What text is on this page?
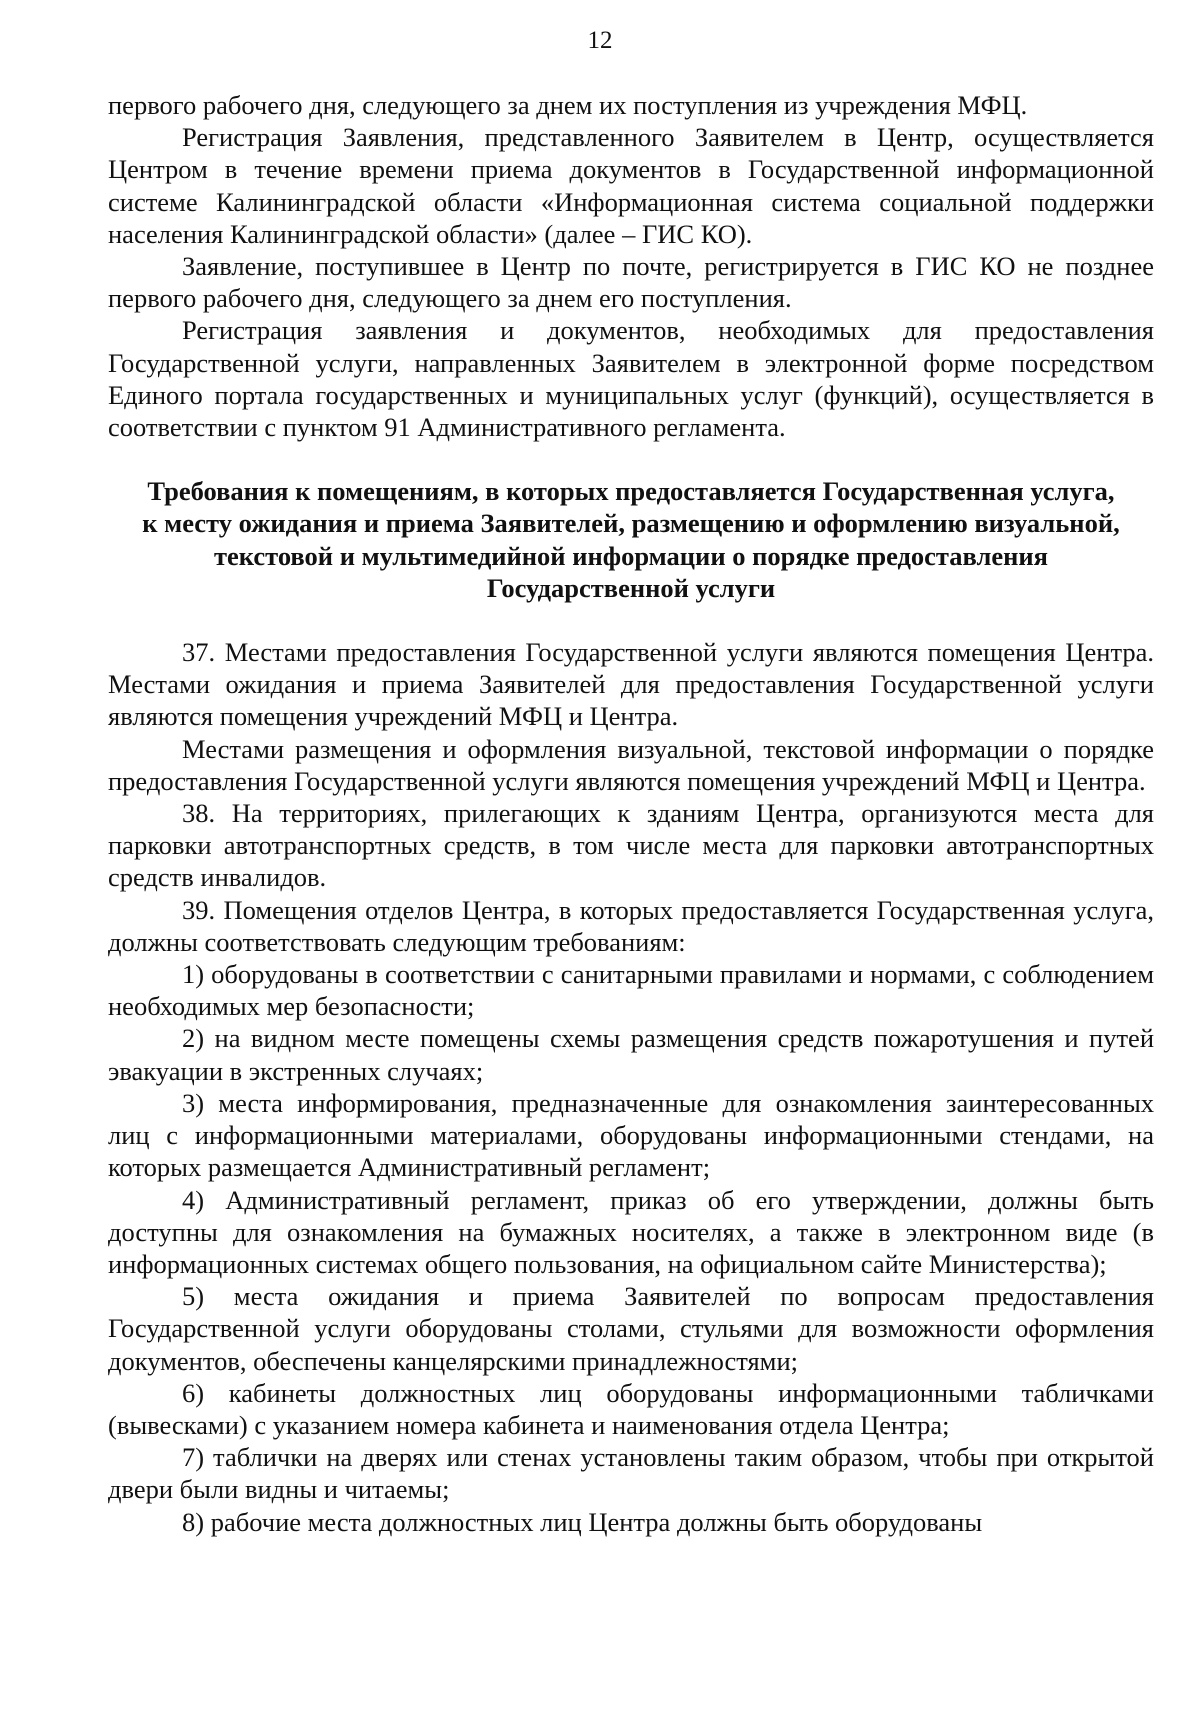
12

первого рабочего дня, следующего за днем их поступления из учреждения МФЦ.

Регистрация Заявления, представленного Заявителем в Центр, осуществляется Центром в течение времени приема документов в Государственной информационной системе Калининградской области «Информационная система социальной поддержки населения Калининградской области» (далее – ГИС КО).

Заявление, поступившее в Центр по почте, регистрируется в ГИС КО не позднее первого рабочего дня, следующего за днем его поступления.

Регистрация заявления и документов, необходимых для предоставления Государственной услуги, направленных Заявителем в электронной форме посредством Единого портала государственных и муниципальных услуг (функций), осуществляется в соответствии с пунктом 91 Административного регламента.

Требования к помещениям, в которых предоставляется Государственная услуга,
к месту ожидания и приема Заявителей, размещению и оформлению визуальной,
текстовой и мультимедийной информации о порядке предоставления
Государственной услуги

37. Местами предоставления Государственной услуги являются помещения Центра. Местами ожидания и приема Заявителей для предоставления Государственной услуги являются помещения учреждений МФЦ и Центра.

Местами размещения и оформления визуальной, текстовой информации о порядке предоставления Государственной услуги являются помещения учреждений МФЦ и Центра.

38. На территориях, прилегающих к зданиям Центра, организуются места для парковки автотранспортных средств, в том числе места для парковки автотранспортных средств инвалидов.

39. Помещения отделов Центра, в которых предоставляется Государственная услуга, должны соответствовать следующим требованиям:

1) оборудованы в соответствии с санитарными правилами и нормами, с соблюдением необходимых мер безопасности;

2) на видном месте помещены схемы размещения средств пожаротушения и путей эвакуации в экстренных случаях;

3) места информирования, предназначенные для ознакомления заинтересованных лиц с информационными материалами, оборудованы информационными стендами, на которых размещается Административный регламент;

4) Административный регламент, приказ об его утверждении, должны быть доступны для ознакомления на бумажных носителях, а также в электронном виде (в информационных системах общего пользования, на официальном сайте Министерства);

5) места ожидания и приема Заявителей по вопросам предоставления Государственной услуги оборудованы столами, стульями для возможности оформления документов, обеспечены канцелярскими принадлежностями;

6) кабинеты должностных лиц оборудованы информационными табличками (вывесками) с указанием номера кабинета и наименования отдела Центра;

7) таблички на дверях или стенах установлены таким образом, чтобы при открытой двери были видны и читаемы;

8) рабочие места должностных лиц Центра должны быть оборудованы
